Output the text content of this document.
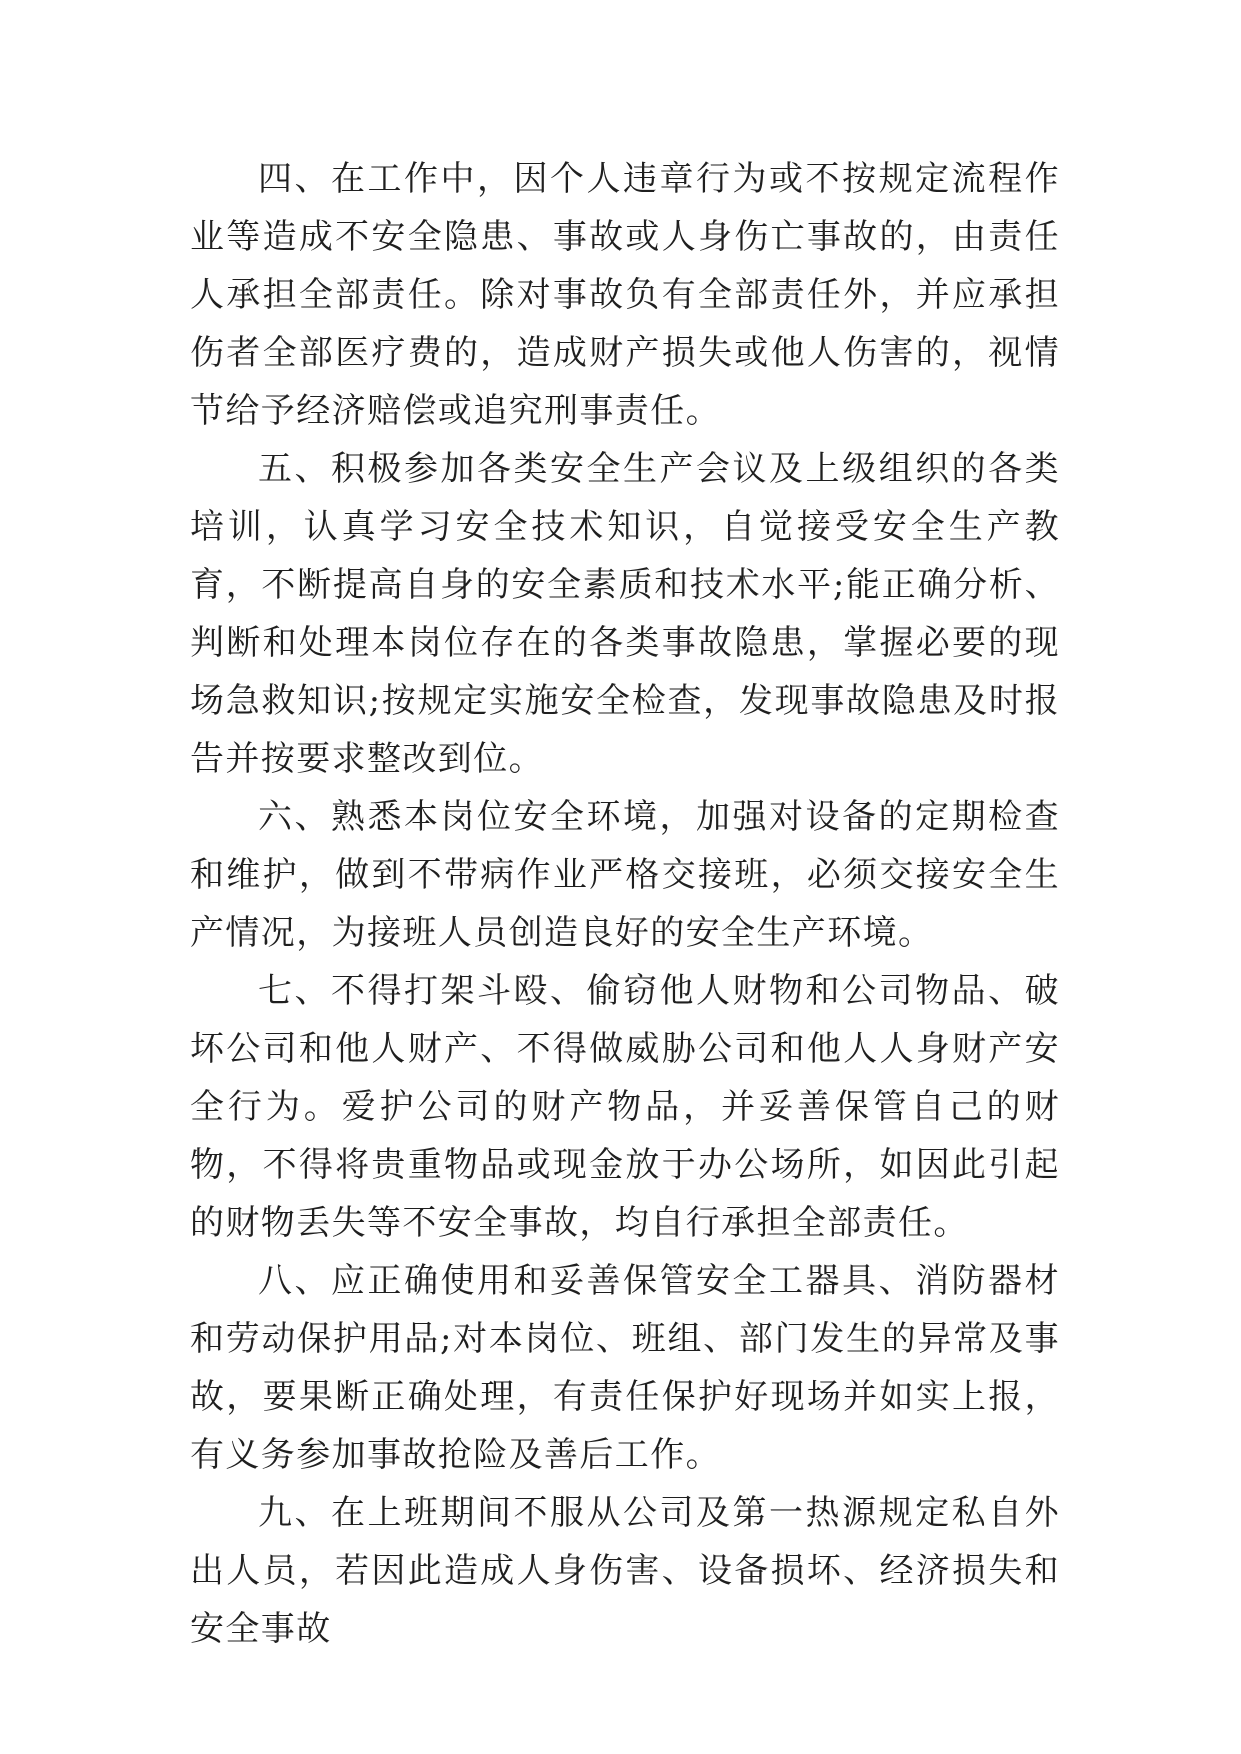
四、在工作中，因个人违章行为或不按规定流程作业等造成不安全隐患、事故或人身伤亡事故的，由责任人承担全部责任。除对事故负有全部责任外，并应承担伤者全部医疗费的，造成财产损失或他人伤害的，视情节给予经济赔偿或追究刑事责任。

五、积极参加各类安全生产会议及上级组织的各类培训，认真学习安全技术知识，自觉接受安全生产教育，不断提高自身的安全素质和技术水平;能正确分析、判断和处理本岗位存在的各类事故隐患，掌握必要的现场急救知识;按规定实施安全检查，发现事故隐患及时报告并按要求整改到位。

六、熟悉本岗位安全环境，加强对设备的定期检查和维护，做到不带病作业严格交接班，必须交接安全生产情况，为接班人员创造良好的安全生产环境。

七、不得打架斗殴、偷窃他人财物和公司物品、破坏公司和他人财产、不得做威胁公司和他人人身财产安全行为。爱护公司的财产物品，并妥善保管自己的财物，不得将贵重物品或现金放于办公场所，如因此引起的财物丢失等不安全事故，均自行承担全部责任。

八、应正确使用和妥善保管安全工器具、消防器材和劳动保护用品;对本岗位、班组、部门发生的异常及事故，要果断正确处理，有责任保护好现场并如实上报，有义务参加事故抢险及善后工作。

九、在上班期间不服从公司及第一热源规定私自外出人员，若因此造成人身伤害、设备损坏、经济损失和安全事故
